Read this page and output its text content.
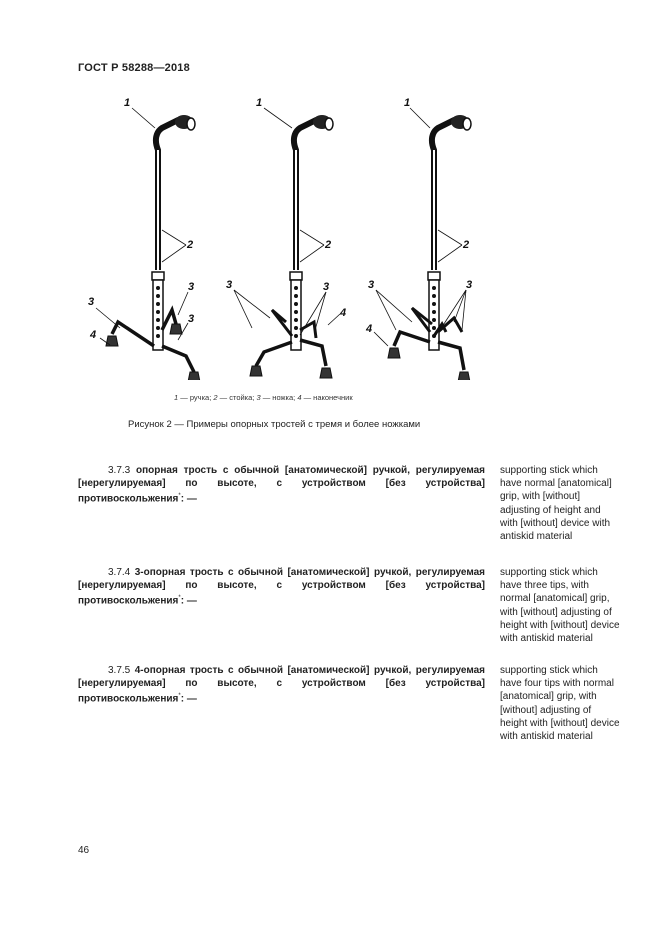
ГОСТ Р 58288—2018
1
2
3
3
3
4
1
2
3	3
4
1
2
3	3
4
1 — ручка; 2 — стойка; 3 — ножка; 4 — наконечник
Рисунок 2 — Примеры опорных тростей с тремя и более ножками
3.7.3 опорная трость с обычной [анатомической] ручкой, регулируемая [нерегулируемая] по высоте, с устройством [без устройства] противоскольжения*: —
supporting stick which have normal [anatomical] grip, with [without] adjusting of height and with [without] device with antiskid material
3.7.4 3-опорная трость с обычной [анатомической] ручкой, регулируемая [нерегулируемая] по высоте, с устройством [без устройства] противоскольжения*: —
supporting stick which have three tips, with normal [anatomical] grip, with [without] adjusting of height with [without] device with antiskid material
3.7.5 4-опорная трость с обычной [анатомической] ручкой, регулируемая [нерегулируемая] по высоте, с устройством [без устройства] противоскольжения*: —
supporting stick which have four tips with normal [anatomical] grip, with [without] adjusting of height with [without] device with antiskid material
46
